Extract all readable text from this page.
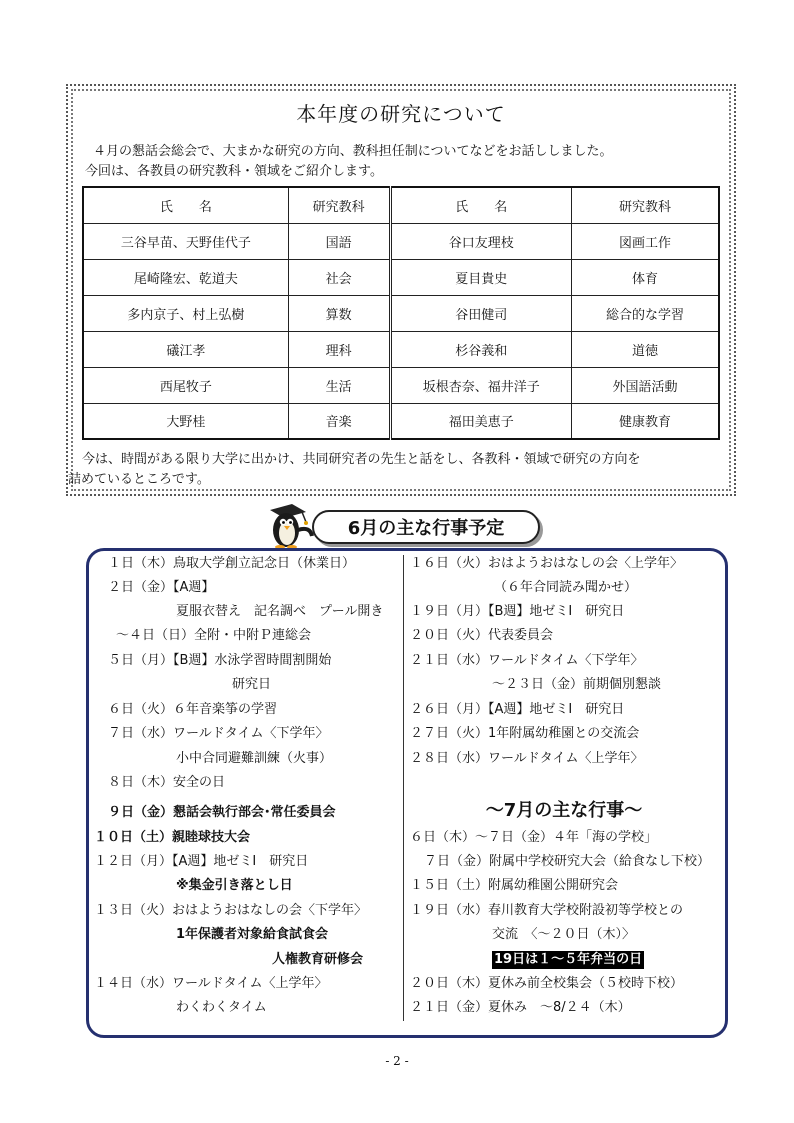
本年度の研究について
４月の懇話会総会で、大まかな研究の方向、教科担任制についてなどをお話ししました。
今回は、各教員の研究教科・領域をご紹介します。
氏　　名	研究教科	氏　　名	研究教科
三谷早苗、天野佳代子	国語	谷口友理枝	図画工作
尾崎隆宏、乾道夫	社会	夏目貴史	体育
多内京子、村上弘樹	算数	谷田健司	総合的な学習
礒江孝	理科	杉谷義和	道徳
西尾牧子	生活	坂根杏奈、福井洋子	外国語活動
大野桂	音楽	福田美恵子	健康教育
今は、時間がある限り大学に出かけ、共同研究者の先生と話をし、各教科・領域で研究の方向を
詰めているところです。
6月の主な行事予定
１日（木）鳥取大学創立記念日（休業日）
２日（金）【A週】
夏服衣替え　記名調べ　プール開き
～４日（日）全附・中附Ｐ連総会
５日（月）【B週】水泳学習時間割開始
研究日
６日（火）６年音楽筝の学習
７日（水）ワールドタイム〈下学年〉
小中合同避難訓練（火事）
８日（木）安全の日
９日（金）懇話会執行部会･常任委員会
１０日（土）親睦球技大会
１２日（月）【A週】地ゼミⅠ　研究日
※集金引き落とし日
１３日（火）おはようおはなしの会〈下学年〉
1年保護者対象給食試食会
人権教育研修会
１４日（水）ワールドタイム〈上学年〉
わくわくタイム
１６日（火）おはようおはなしの会〈上学年〉
（６年合同読み聞かせ）
１９日（月）【B週】地ゼミⅠ　研究日
２０日（火）代表委員会
２１日（水）ワールドタイム〈下学年〉
～２３日（金）前期個別懇談
２６日（月）【A週】地ゼミⅠ　研究日
２７日（火）1年附属幼稚園との交流会
２８日（水）ワールドタイム〈上学年〉
～7月の主な行事～
６日（木）～７日（金）４年「海の学校」
７日（金）附属中学校研究大会（給食なし下校）
１５日（土）附属幼稚園公開研究会
１９日（水）春川教育大学校附設初等学校との
交流　〈～２０日（木）〉
19日は１～５年弁当の日
２０日（木）夏休み前全校集会（５校時下校）
２１日（金）夏休み　～8/２４（木）
- 2 -
